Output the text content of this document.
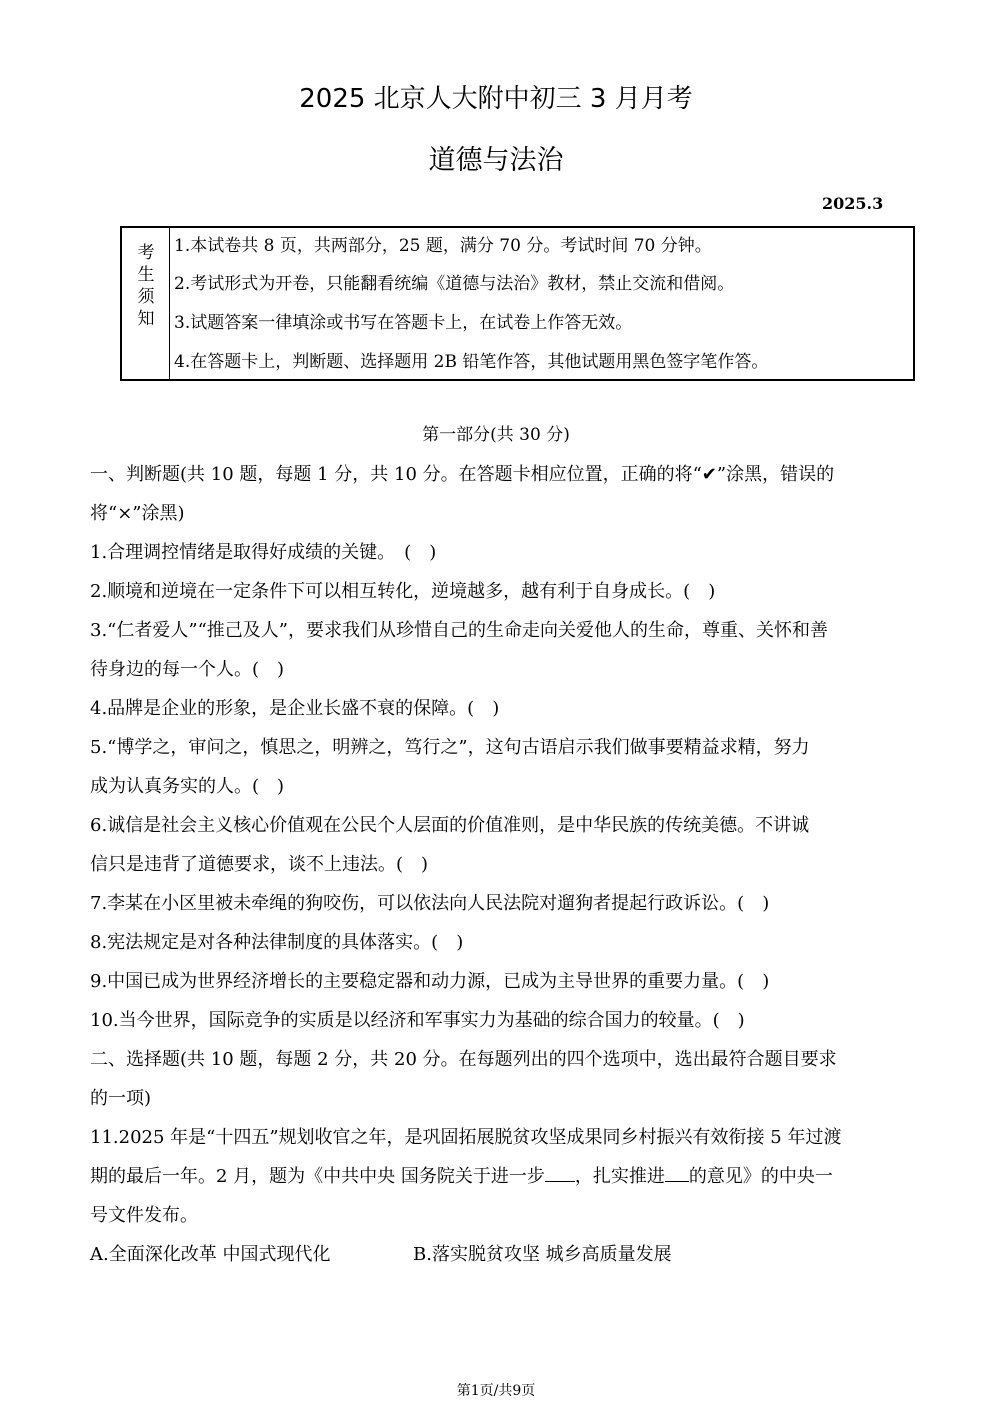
2025 北京人大附中初三 3 月月考
道德与法治
2025.3
考生须知
1.本试卷共 8 页，共两部分，25 题，满分 70 分。考试时间 70 分钟。
2.考试形式为开卷，只能翻看统编《道德与法治》教材，禁止交流和借阅。
3.试题答案一律填涂或书写在答题卡上，在试卷上作答无效。
4.在答题卡上，判断题、选择题用 2B 铅笔作答，其他试题用黑色签字笔作答。
第一部分(共 30 分)
一、判断题(共 10 题，每题 1 分，共 10 分。在答题卡相应位置，正确的将“✔”涂黑，错误的
将“×”涂黑)
1.合理调控情绪是取得好成绩的关键。　(　)
2.顺境和逆境在一定条件下可以相互转化，逆境越多，越有利于自身成长。(　)
3.“仁者爱人”“推己及人”，要求我们从珍惜自己的生命走向关爱他人的生命，尊重、关怀和善
待身边的每一个人。(　)
4.品牌是企业的形象，是企业长盛不衰的保障。(　)
5.“博学之，审问之，慎思之，明辨之，笃行之”，这句古语启示我们做事要精益求精，努力
成为认真务实的人。(　)
6.诚信是社会主义核心价值观在公民个人层面的价值准则，是中华民族的传统美德。不讲诚
信只是违背了道德要求，谈不上违法。(　)
7.李某在小区里被未牵绳的狗咬伤，可以依法向人民法院对遛狗者提起行政诉讼。(　)
8.宪法规定是对各种法律制度的具体落实。(　)
9.中国已成为世界经济增长的主要稳定器和动力源，已成为主导世界的重要力量。(　)
10.当今世界，国际竞争的实质是以经济和军事实力为基础的综合国力的较量。(　)
二、选择题(共 10 题，每题 2 分，共 20 分。在每题列出的四个选项中，选出最符合题目要求
的一项)
11.2025 年是“十四五”规划收官之年，是巩固拓展脱贫攻坚成果同乡村振兴有效衔接 5 年过渡
期的最后一年。2 月，题为《中共中央 国务院关于进一步 ，扎实推进 的意见》的中央一
号文件发布。
A.全面深化改革 中国式现代化	B.落实脱贫攻坚 城乡高质量发展
第1页/共9页
